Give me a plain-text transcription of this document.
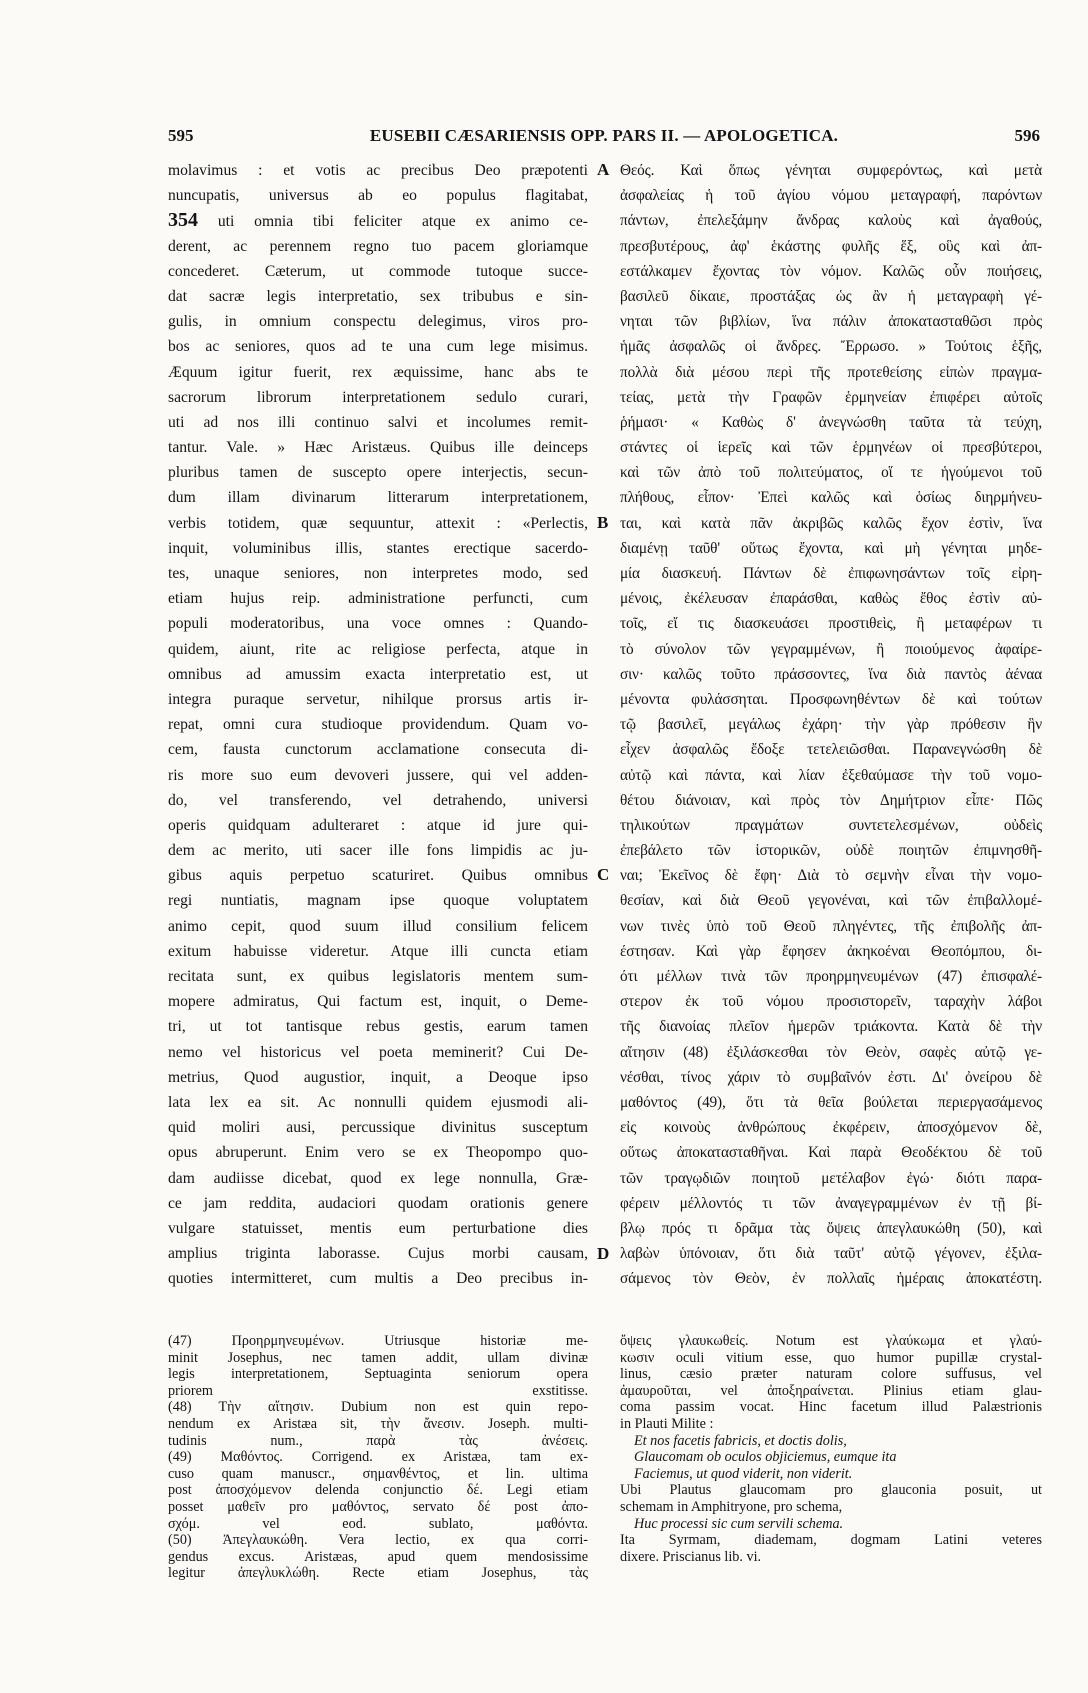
595	EUSEBII CÆSARIENSIS OPP. PARS II. — APOLOGETICA.	596
molavimus : et votis ac precibus Deo præpotenti
nuncupatis, universus ab eo populus flagitabat,
354 uti omnia tibi feliciter atque ex animo ce-
derent, ac perennem regno tuo pacem gloriamque
concederet. Cæterum, ut commode tutoque succe-
dat sacræ legis interpretatio, sex tribubus e sin-
gulis, in omnium conspectu delegimus, viros pro-
bos ac seniores, quos ad te una cum lege misimus.
Æquum igitur fuerit, rex æquissime, hanc abs te
sacrorum librorum interpretationem sedulo curari,
uti ad nos illi continuo salvi et incolumes remit-
tantur. Vale. » Hæc Aristæus. Quibus ille deinceps
pluribus tamen de suscepto opere interjectis, secun-
dum illam divinarum litterarum interpretationem,
verbis totidem, quæ sequuntur, attexit : «Perlectis,
inquit, voluminibus illis, stantes erectique sacerdo-
tes, unaque seniores, non interpretes modo, sed
etiam hujus reip. administratione perfuncti, cum
populi moderatoribus, una voce omnes : Quando-
quidem, aiunt, rite ac religiose perfecta, atque in
omnibus ad amussim exacta interpretatio est, ut
integra puraque servetur, nihilque prorsus artis ir-
repat, omni cura studioque providendum. Quam vo-
cem, fausta cunctorum acclamatione consecuta di-
ris more suo eum devoveri jussere, qui vel adden-
do, vel transferendo, vel detrahendo, universi
operis quidquam adulteraret : atque id jure qui-
dem ac merito, uti sacer ille fons limpidis ac ju-
gibus aquis perpetuo scaturiret. Quibus omnibus
regi nuntiatis, magnam ipse quoque voluptatem
animo cepit, quod suum illud consilium felicem
exitum habuisse videretur. Atque illi cuncta etiam
recitata sunt, ex quibus legislatoris mentem sum-
mopere admiratus, Qui factum est, inquit, o Deme-
tri, ut tot tantisque rebus gestis, earum tamen
nemo vel historicus vel poeta meminerit? Cui De-
metrius, Quod augustior, inquit, a Deoque ipso
lata lex ea sit. Ac nonnulli quidem ejusmodi ali-
quid moliri ausi, percussique divinitus susceptum
opus abruperunt. Enim vero se ex Theopompo quo-
dam audiisse dicebat, quod ex lege nonnulla, Græ-
ce jam reddita, audaciori quodam orationis genere
vulgare statuisset, mentis eum perturbatione dies
amplius triginta laborasse. Cujus morbi causam,
quoties intermitteret, cum multis a Deo precibus in-
Θεός. Καὶ ὅπως γένηται συμφερόντως, καὶ μετὰ
ἀσφαλείας ἡ τοῦ ἁγίου νόμου μεταγραφή, παρόντων
πάντων, ἐπελεξάμην ἄνδρας καλοὺς καὶ ἀγαθούς,
πρεσβυτέρους, ἀφ' ἑκάστης φυλῆς ἕξ, οὓς καὶ ἀπ-
εστάλκαμεν ἔχοντας τὸν νόμον. Καλῶς οὖν ποιήσεις,
βασιλεῦ δίκαιε, προστάξας ὡς ἂν ἡ μεταγραφὴ γέ-
νηται τῶν βιβλίων, ἵνα πάλιν ἀποκατασταθῶσι πρὸς
ἡμᾶς ἀσφαλῶς οἱ ἄνδρες. Ἔρρωσο. » Τούτοις ἑξῆς,
πολλὰ διὰ μέσου περὶ τῆς προτεθείσης εἰπὼν πραγμα-
τείας, μετὰ τὴν Γραφῶν ἑρμηνείαν ἐπιφέρει αὐτοῖς
ῥήμασι· « Καθὼς δ' ἀνεγνώσθη ταῦτα τὰ τεύχη,
στάντες οἱ ἱερεῖς καὶ τῶν ἑρμηνέων οἱ πρεσβύτεροι,
καὶ τῶν ἀπὸ τοῦ πολιτεύματος, οἵ τε ἡγούμενοι τοῦ
πλήθους, εἶπον· Ἐπεὶ καλῶς καὶ ὁσίως διηρμήνευ-
ται, καὶ κατὰ πᾶν ἀκριβῶς καλῶς ἔχον ἐστὶν, ἵνα
διαμένῃ ταῦθ' οὕτως ἔχοντα, καὶ μὴ γένηται μηδε-
μία διασκευή. Πάντων δὲ ἐπιφωνησάντων τοῖς εἰρη-
μένοις, ἐκέλευσαν ἐπαράσθαι, καθὼς ἔθος ἐστὶν αὐ-
τοῖς, εἴ τις διασκευάσει προστιθεὶς, ἢ μεταφέρων τι
τὸ σύνολον τῶν γεγραμμένων, ἢ ποιούμενος ἀφαίρε-
σιν· καλῶς τοῦτο πράσσοντες, ἵνα διὰ παντὸς ἀέναα
μένοντα φυλάσσηται. Προσφωνηθέντων δὲ καὶ τούτων
τῷ βασιλεῖ, μεγάλως ἐχάρη· τὴν γὰρ πρόθεσιν ἣν
εἶχεν ἀσφαλῶς ἔδοξε τετελειῶσθαι. Παρανεγνώσθη δὲ
αὐτῷ καὶ πάντα, καὶ λίαν ἐξεθαύμασε τὴν τοῦ νομο-
θέτου διάνοιαν, καὶ πρὸς τὸν Δημήτριον εἶπε· Πῶς
τηλικούτων πραγμάτων συντετελεσμένων, οὐδεὶς
ἐπεβάλετο τῶν ἱστορικῶν, οὐδὲ ποιητῶν ἐπιμνησθῆ-
ναι; Ἐκεῖνος δὲ ἔφη· Διὰ τὸ σεμνὴν εἶναι τὴν νομο-
θεσίαν, καὶ διὰ Θεοῦ γεγονέναι, καὶ τῶν ἐπιβαλλομέ-
νων τινὲς ὑπὸ τοῦ Θεοῦ πληγέντες, τῆς ἐπιβολῆς ἀπ-
έστησαν. Καὶ γὰρ ἔφησεν ἀκηκοέναι Θεοπόμπου, δι-
ότι μέλλων τινὰ τῶν προηρμηνευμένων (47) ἐπισφαλέ-
στερον ἐκ τοῦ νόμου προσιστορεῖν, ταραχὴν λάβοι
τῆς διανοίας πλεῖον ἡμερῶν τριάκοντα. Κατὰ δὲ τὴν
αἴτησιν (48) ἐξιλάσκεσθαι τὸν Θεὸν, σαφὲς αὐτῷ γε-
νέσθαι, τίνος χάριν τὸ συμβαῖνόν ἐστι. Δι' ὀνείρου δὲ
μαθόντος (49), ὅτι τὰ θεῖα βούλεται περιεργασάμενος
εἰς κοινοὺς ἀνθρώπους ἐκφέρειν, ἀποσχόμενον δὲ,
οὕτως ἀποκατασταθῆναι. Καὶ παρὰ Θεοδέκτου δὲ τοῦ
τῶν τραγῳδιῶν ποιητοῦ μετέλαβον ἐγώ· διότι παρα-
φέρειν μέλλοντός τι τῶν ἀναγεγραμμένων ἐν τῇ βί-
βλῳ πρός τι δρᾶμα τὰς ὄψεις ἀπεγλαυκώθη (50), καὶ
λαβὼν ὑπόνοιαν, ὅτι διὰ ταῦτ' αὐτῷ γέγονεν, ἐξιλα-
σάμενος τὸν Θεὸν, ἐν πολλαῖς ἡμέραις ἀποκατέστη.
A
B
C
D
(47) Προηρμηνευμένων. Utriusque historiæ me-
minit Josephus, nec tamen addit, ullam divinæ
legis interpretationem, Septuaginta seniorum opera
priorem exstitisse.
(48) Τὴν αἴτησιν. Dubium non est quin repo-
nendum ex Aristæa sit, τὴν ἄνεσιν. Joseph. multi-
tudinis num., παρὰ τὰς ἀνέσεις.
(49) Μαθόντος. Corrigend. ex Aristæa, tam ex-
cuso quam manuscr., σημανθέντος, et lin. ultima
post ἀποσχόμενον delenda conjunctio δέ. Legi etiam
posset μαθεῖν pro μαθόντος, servato δέ post ἀπο-
σχόμ. vel eod. sublato, μαθόντα.
(50) Ἀπεγλαυκώθη. Vera lectio, ex qua corri-
gendus excus. Aristæas, apud quem mendosissime
legitur ἀπεγλυκλώθη. Recte etiam Josephus, τὰς
ὄψεις γλαυκωθείς. Notum est γλαύκωμα et γλαύ-
κωσιν oculi vitium esse, quo humor pupillæ crystal-
linus, cæsio præter naturam colore suffusus, vel
ἀμαυροῦται, vel ἀποξηραίνεται. Plinius etiam glau-
coma passim vocat. Hinc facetum illud Palæstrionis
in Plauti Milite :
Et nos facetis fabricis, et doctis dolis,
Glaucomam ob oculos objiciemus, eumque ita
Faciemus, ut quod viderit, non viderit.
Ubi Plautus glaucomam pro glauconia posuit, ut
schemam in Amphitryone, pro schema,
Huc processi sic cum servili schema.
Ita Syrmam, diademam, dogmam Latini veteres
dixere. Priscianus lib. vi.
